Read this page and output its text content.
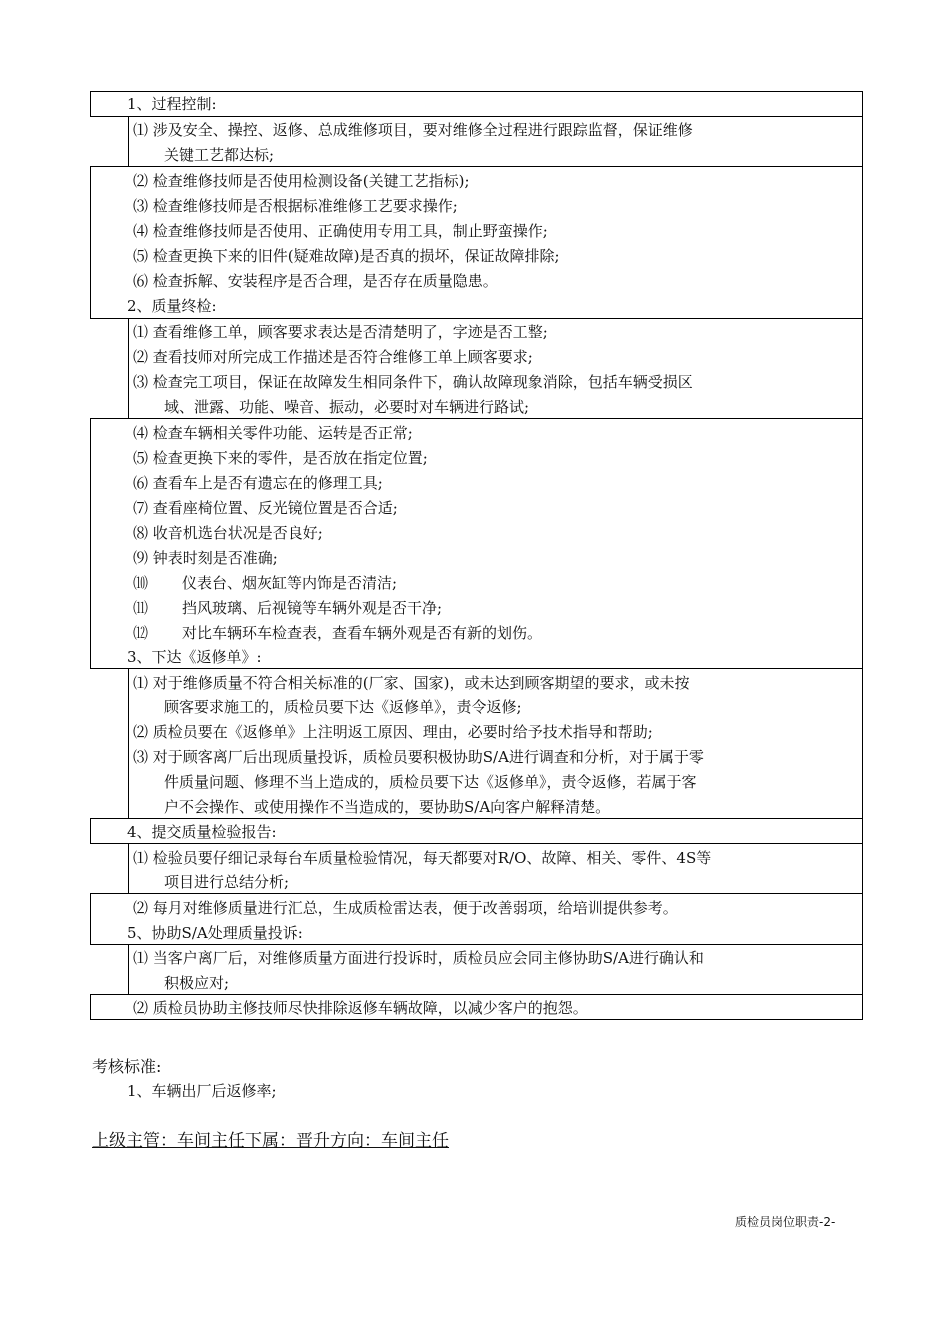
1、过程控制:
⑴ 涉及安全、操控、返修、总成维修项目，要对维修全过程进行跟踪监督，保证维修
关键工艺都达标;
⑵ 检查维修技师是否使用检测设备(关键工艺指标);
⑶ 检查维修技师是否根据标准维修工艺要求操作;
⑷ 检查维修技师是否使用、正确使用专用工具，制止野蛮操作;
⑸ 检查更换下来的旧件(疑难故障)是否真的损坏，保证故障排除;
⑹ 检查拆解、安装程序是否合理，是否存在质量隐患。
2、质量终检:
⑴ 查看维修工单，顾客要求表达是否清楚明了，字迹是否工整;
⑵ 查看技师对所完成工作描述是否符合维修工单上顾客要求;
⑶ 检查完工项目，保证在故障发生相同条件下，确认故障现象消除，包括车辆受损区
域、泄露、功能、噪音、振动，必要时对车辆进行路试;
⑷ 检查车辆相关零件功能、运转是否正常;
⑸ 检查更换下来的零件，是否放在指定位置;
⑹ 查看车上是否有遗忘在的修理工具;
⑺ 查看座椅位置、反光镜位置是否合适;
⑻ 收音机选台状况是否良好;
⑼ 钟表时刻是否准确;
⑽ 仪表台、烟灰缸等内饰是否清洁;
⑾ 挡风玻璃、后视镜等车辆外观是否干净;
⑿ 对比车辆环车检查表，查看车辆外观是否有新的划伤。
3、下达《返修单》:
⑴ 对于维修质量不符合相关标准的(厂家、国家)，或未达到顾客期望的要求，或未按
顾客要求施工的，质检员要下达《返修单》，责令返修;
⑵ 质检员要在《返修单》上注明返工原因、理由，必要时给予技术指导和帮助;
⑶ 对于顾客离厂后出现质量投诉，质检员要积极协助S/A进行调查和分析，对于属于零
件质量问题、修理不当上造成的，质检员要下达《返修单》，责令返修，若属于客
户不会操作、或使用操作不当造成的，要协助S/A向客户解释清楚。
4、提交质量检验报告:
⑴ 检验员要仔细记录每台车质量检验情况，每天都要对R/O、故障、相关、零件、4S等
项目进行总结分析;
⑵ 每月对维修质量进行汇总，生成质检雷达表，便于改善弱项，给培训提供参考。
5、协助S/A处理质量投诉:
⑴ 当客户离厂后，对维修质量方面进行投诉时，质检员应会同主修协助S/A进行确认和
积极应对;
⑵ 质检员协助主修技师尽快排除返修车辆故障，以减少客户的抱怨。
考核标准:
1、车辆出厂后返修率;
上级主管：车间主任下属：晋升方向：车间主任
质检员岗位职责-2-
